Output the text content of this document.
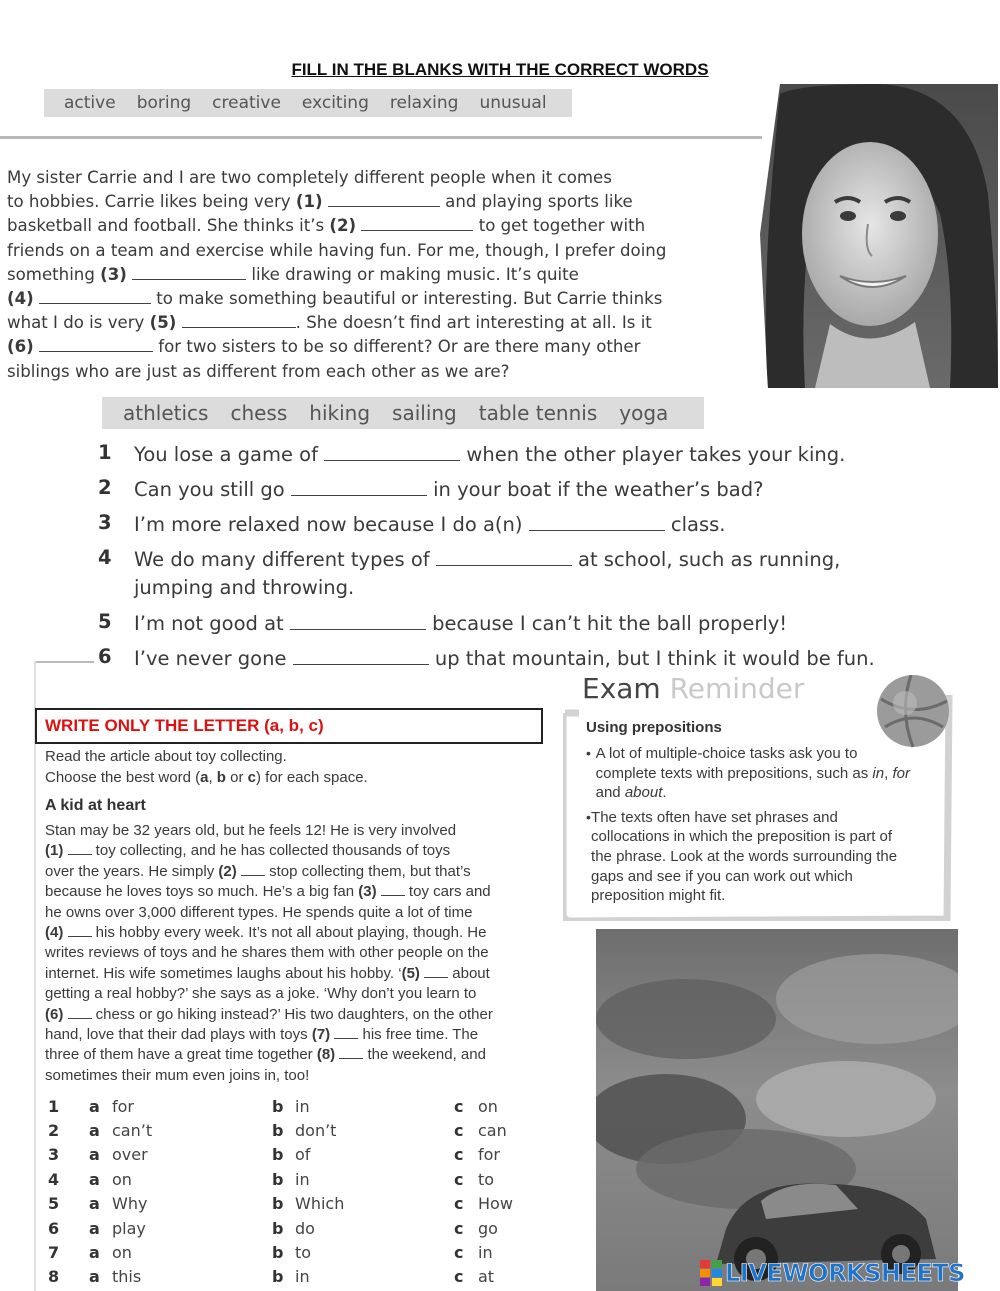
FILL IN THE BLANKS WITH THE CORRECT WORDS
active boring creative exciting relaxing unusual
My sister Carrie and I are two completely different people when it comes
to hobbies. Carrie likes being very (1)	and playing sports like
basketball and football. She thinks it’s (2)	to get together with
friends on a team and exercise while having fun. For me, though, I prefer doing
something (3)	like drawing or making music. It’s quite
(4)	to make something beautiful or interesting. But Carrie thinks
what I do is very (5)	. She doesn’t find art interesting at all. Is it
(6)	for two sisters to be so different? Or are there many other
siblings who are just as different from each other as we are?
athletics chess hiking sailing table tennis yoga
1	You lose a game of	when the other player takes your king.
2	Can you still go	in your boat if the weather’s bad?
3	I’m more relaxed now because I do a(n)	class.
4	We do many different types of	at school, such as running,
jumping and throwing.
5	I’m not good at	because I can’t hit the ball properly!
6	I’ve never gone	up that mountain, but I think it would be fun.
WRITE ONLY THE LETTER (a, b, c)
Read the article about toy collecting.
Choose the best word (a, b or c) for each space.
A kid at heart
Stan may be 32 years old, but he feels 12! He is very involved
(1)  toy collecting, and he has collected thousands of toys
over the years. He simply (2)  stop collecting them, but that’s
because he loves toys so much. He’s a big fan (3)  toy cars and
he owns over 3,000 different types. He spends quite a lot of time
(4)  his hobby every week. It’s not all about playing, though. He
writes reviews of toys and he shares them with other people on the
internet. His wife sometimes laughs about his hobby. ‘(5)  about
getting a real hobby?’ she says as a joke. ‘Why don’t you learn to
(6)  chess or go hiking instead?’ His two daughters, on the other
hand, love that their dad plays with toys (7)  his free time. The
three of them have a great time together (8)  the weekend, and
sometimes their mum even joins in, too!
1 a for	b in	c on
2 a can’t	b don’t	c can
3 a over	b of	c for
4 a on	b in	c to
5 a Why	b Which	c How
6 a play	b do	c go
7 a on	b to	c in
8 a this	b in	c at
Exam Reminder
Using prepositions
• A lot of multiple-choice tasks ask you to complete texts with prepositions, such as in, for and about.
• The texts often have set phrases and collocations in which the preposition is part of the phrase. Look at the words surrounding the gaps and see if you can work out which preposition might fit.
LIVEWORKSHEETS
